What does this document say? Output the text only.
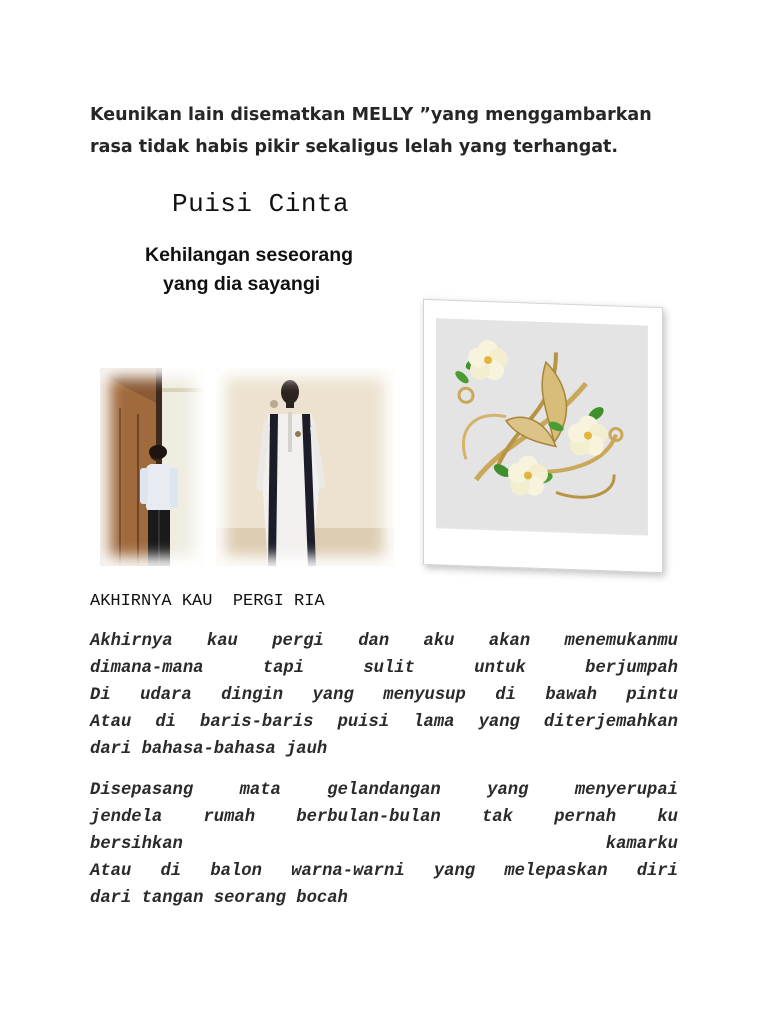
Keunikan lain disematkan MELLY ”yang menggambarkan
rasa tidak habis pikir sekaligus lelah yang terhangat.

Puisi Cinta
Kehilangan seseorang
yang dia sayangi

AKHIRNYA KAU  PERGI RIA

Akhirnya kau pergi dan aku akan menemukanmu
dimana-mana tapi sulit untuk berjumpah
Di udara dingin yang menyusup di bawah pintu
Atau di baris-baris puisi lama yang diterjemahkan
dari bahasa-bahasa jauh
Disepasang mata gelandangan yang menyerupai
jendela rumah berbulan-bulan tak pernah ku
bersihkan	kamarku
Atau di balon warna-warni yang melepaskan diri
dari tangan seorang bocah
